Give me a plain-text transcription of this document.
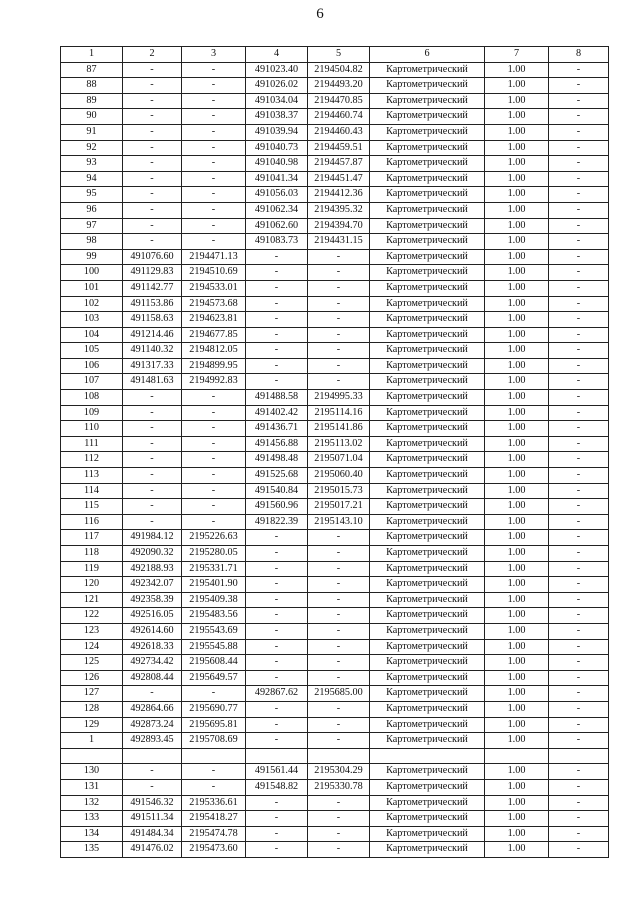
6
1	2	3	4	5	6	7	8
87	-	-	491023.40	2194504.82	Картометрический	1.00	-
88	-	-	491026.02	2194493.20	Картометрический	1.00	-
89	-	-	491034.04	2194470.85	Картометрический	1.00	-
90	-	-	491038.37	2194460.74	Картометрический	1.00	-
91	-	-	491039.94	2194460.43	Картометрический	1.00	-
92	-	-	491040.73	2194459.51	Картометрический	1.00	-
93	-	-	491040.98	2194457.87	Картометрический	1.00	-
94	-	-	491041.34	2194451.47	Картометрический	1.00	-
95	-	-	491056.03	2194412.36	Картометрический	1.00	-
96	-	-	491062.34	2194395.32	Картометрический	1.00	-
97	-	-	491062.60	2194394.70	Картометрический	1.00	-
98	-	-	491083.73	2194431.15	Картометрический	1.00	-
99	491076.60	2194471.13	-	-	Картометрический	1.00	-
100	491129.83	2194510.69	-	-	Картометрический	1.00	-
101	491142.77	2194533.01	-	-	Картометрический	1.00	-
102	491153.86	2194573.68	-	-	Картометрический	1.00	-
103	491158.63	2194623.81	-	-	Картометрический	1.00	-
104	491214.46	2194677.85	-	-	Картометрический	1.00	-
105	491140.32	2194812.05	-	-	Картометрический	1.00	-
106	491317.33	2194899.95	-	-	Картометрический	1.00	-
107	491481.63	2194992.83	-	-	Картометрический	1.00	-
108	-	-	491488.58	2194995.33	Картометрический	1.00	-
109	-	-	491402.42	2195114.16	Картометрический	1.00	-
110	-	-	491436.71	2195141.86	Картометрический	1.00	-
111	-	-	491456.88	2195113.02	Картометрический	1.00	-
112	-	-	491498.48	2195071.04	Картометрический	1.00	-
113	-	-	491525.68	2195060.40	Картометрический	1.00	-
114	-	-	491540.84	2195015.73	Картометрический	1.00	-
115	-	-	491560.96	2195017.21	Картометрический	1.00	-
116	-	-	491822.39	2195143.10	Картометрический	1.00	-
117	491984.12	2195226.63	-	-	Картометрический	1.00	-
118	492090.32	2195280.05	-	-	Картометрический	1.00	-
119	492188.93	2195331.71	-	-	Картометрический	1.00	-
120	492342.07	2195401.90	-	-	Картометрический	1.00	-
121	492358.39	2195409.38	-	-	Картометрический	1.00	-
122	492516.05	2195483.56	-	-	Картометрический	1.00	-
123	492614.60	2195543.69	-	-	Картометрический	1.00	-
124	492618.33	2195545.88	-	-	Картометрический	1.00	-
125	492734.42	2195608.44	-	-	Картометрический	1.00	-
126	492808.44	2195649.57	-	-	Картометрический	1.00	-
127	-	-	492867.62	2195685.00	Картометрический	1.00	-
128	492864.66	2195690.77	-	-	Картометрический	1.00	-
129	492873.24	2195695.81	-	-	Картометрический	1.00	-
1	492893.45	2195708.69	-	-	Картометрический	1.00	-

130	-	-	491561.44	2195304.29	Картометрический	1.00	-
131	-	-	491548.82	2195330.78	Картометрический	1.00	-
132	491546.32	2195336.61	-	-	Картометрический	1.00	-
133	491511.34	2195418.27	-	-	Картометрический	1.00	-
134	491484.34	2195474.78	-	-	Картометрический	1.00	-
135	491476.02	2195473.60	-	-	Картометрический	1.00	-
